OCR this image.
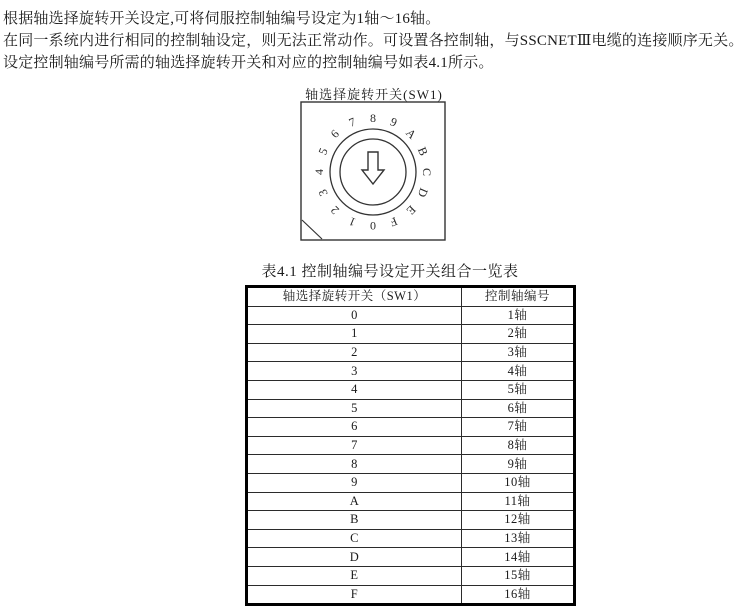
根据轴选择旋转开关设定,可将伺服控制轴编号设定为1轴～16轴。
在同一系统内进行相同的控制轴设定，则无法正常动作。可设置各控制轴，与SSCNETⅢ电缆的连接顺序无关。
设定控制轴编号所需的轴选择旋转开关和对应的控制轴编号如表4.1所示。
轴选择旋转开关(SW1)
0
1
2
3
4
5
6
7 8 9
A
B
C
D
E
F
表4.1 控制轴编号设定开关组合一览表
轴选择旋转开关（SW1）	控制轴编号
0	1轴
1	2轴
2	3轴
3	4轴
4	5轴
5	6轴
6	7轴
7	8轴
8	9轴
9	10轴
A	11轴
B	12轴
C	13轴
D	14轴
E	15轴
F	16轴
